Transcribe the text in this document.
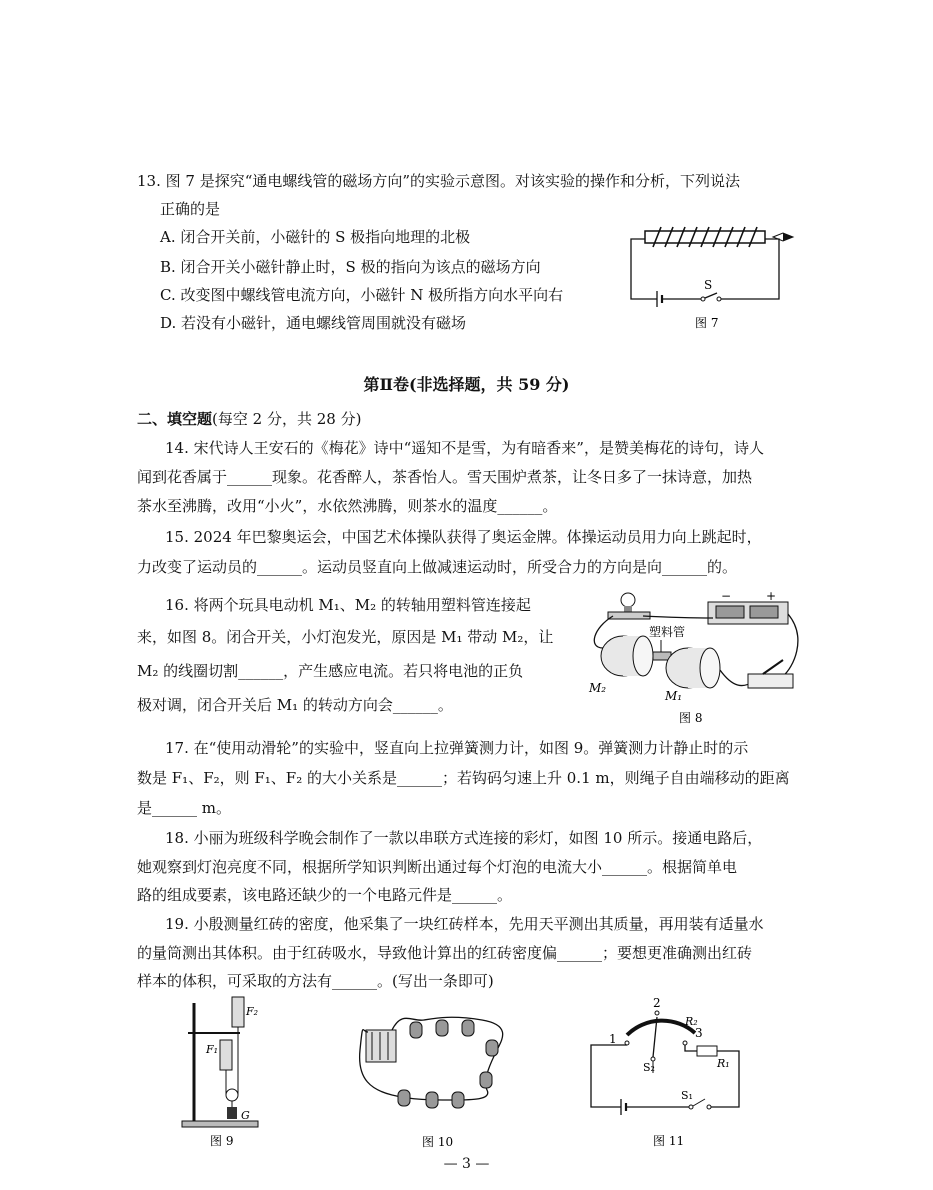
13. 图 7 是探究“通电螺线管的磁场方向”的实验示意图。对该实验的操作和分析，下列说法
正确的是
A. 闭合开关前，小磁针的 S 极指向地理的北极
B. 闭合开关小磁针静止时，S 极的指向为该点的磁场方向
C. 改变图中螺线管电流方向，小磁针 N 极所指方向水平向右
D. 若没有小磁针，通电螺线管周围就没有磁场
S
图 7
第Ⅱ卷(非选择题，共 59 分)
二、填空题(每空 2 分，共 28 分)
14. 宋代诗人王安石的《梅花》诗中“遥知不是雪，为有暗香来”，是赞美梅花的诗句，诗人
闻到花香属于______现象。花香醉人，茶香怡人。雪天围炉煮茶，让冬日多了一抹诗意，加热
茶水至沸腾，改用“小火”，水依然沸腾，则茶水的温度______。
15. 2024 年巴黎奥运会，中国艺术体操队获得了奥运金牌。体操运动员用力向上跳起时，
力改变了运动员的______。运动员竖直向上做减速运动时，所受合力的方向是向______的。
16. 将两个玩具电动机 M₁、M₂ 的转轴用塑料管连接起
来，如图 8。闭合开关，小灯泡发光，原因是 M₁ 带动 M₂，让
M₂ 的线圈切割______，产生感应电流。若只将电池的正负
极对调，闭合开关后 M₁ 的转动方向会______。
−	+
塑料管
M₂
M₁
图 8
17. 在“使用动滑轮”的实验中，竖直向上拉弹簧测力计，如图 9。弹簧测力计静止时的示
数是 F₁、F₂，则 F₁、F₂ 的大小关系是______；若钩码匀速上升 0.1 m，则绳子自由端移动的距离
是______ m。
18. 小丽为班级科学晚会制作了一款以串联方式连接的彩灯，如图 10 所示。接通电路后，
她观察到灯泡亮度不同，根据所学知识判断出通过每个灯泡的电流大小______。根据简单电
路的组成要素，该电路还缺少的一个电路元件是______。
19. 小殷测量红砖的密度，他采集了一块红砖样本，先用天平测出其质量，再用装有适量水
的量筒测出其体积。由于红砖吸水，导致他计算出的红砖密度偏______；要想更准确测出红砖
样本的体积，可采取的方法有______。(写出一条即可)
F₂
F₁
G
图 9	图 10
1
2
3
R₂
R₁
S₂
S₁
图 11
— 3 —
